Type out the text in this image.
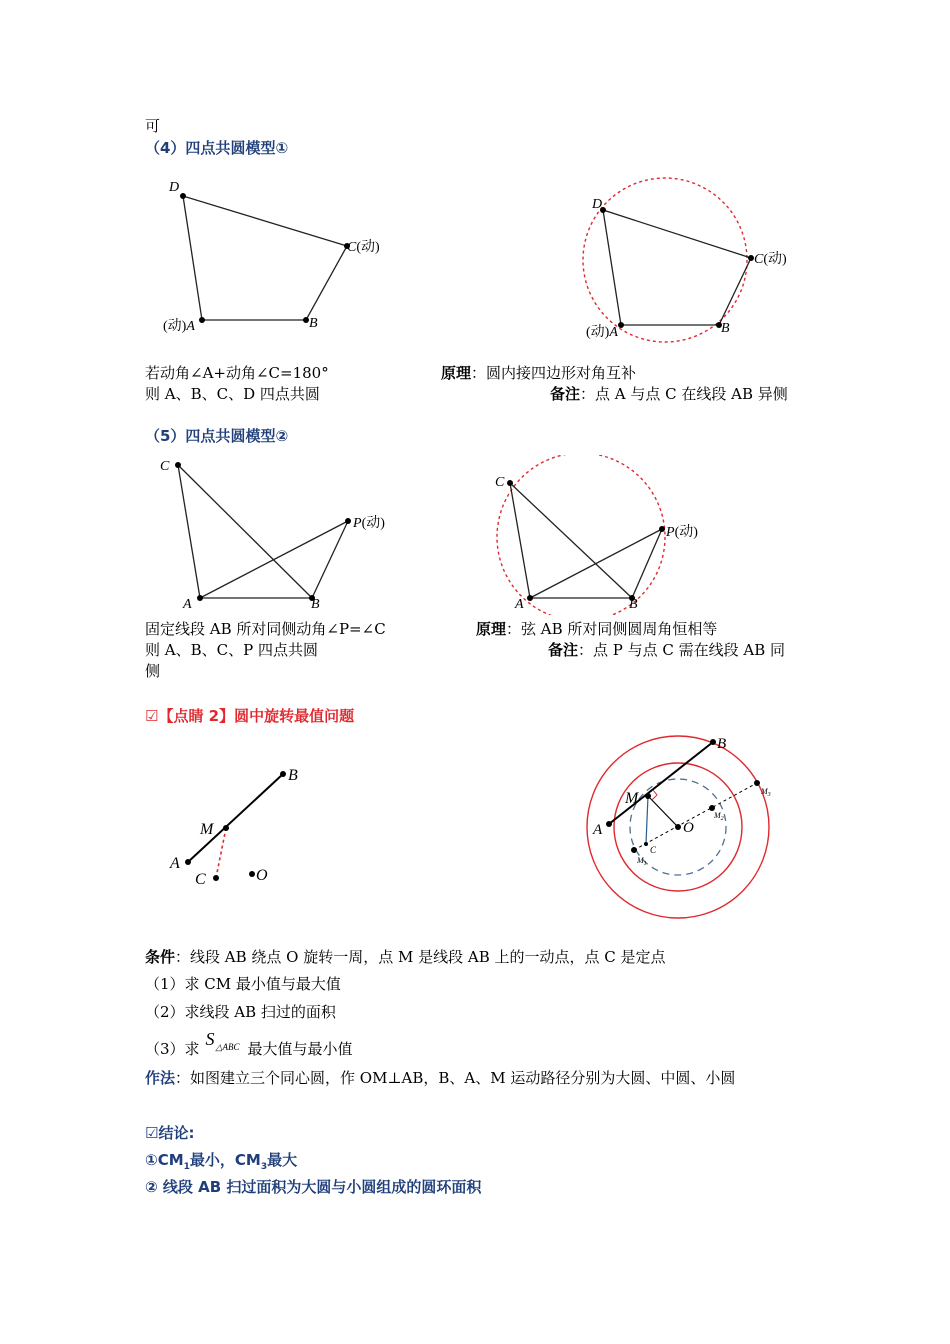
可
（4）四点共圆模型①
D
C(动)
(动)A	B
D
C(动)
(动)A	B
若动角∠A+动角∠C=180°
则 A、B、C、D 四点共圆
原理：圆内接四边形对角互补
备注：点 A 与点 C 在线段 AB 异侧
（5）四点共圆模型②
C
P(动)
A	B
C
P(动)
A	B
固定线段 AB 所对同侧动角∠P=∠C
则 A、B、C、P 四点共圆
侧
原理：弦 AB 所对同侧圆周角恒相等
备注：点 P 与点 C 需在线段 AB 同
☑【点睛 2】圆中旋转最值问题
A
B
M
C	O
A
B
M
O
C
$M_1$
$M_2$
$M_3$
条件：线段 AB 绕点 O 旋转一周，点 M 是线段 AB 上的一动点，点 C 是定点
（1）求 CM 最小值与最大值
（2）求线段 AB 扫过的面积
（3）求 S △ABC 最大值与最小值
作法：如图建立三个同心圆，作 OM⊥AB，B、A、M 运动路径分别为大圆、中圆、小圆
☑结论:
$①CM_1$最小，$CM_3$最大
② 线段 AB 扫过面积为大圆与小圆组成的圆环面积
